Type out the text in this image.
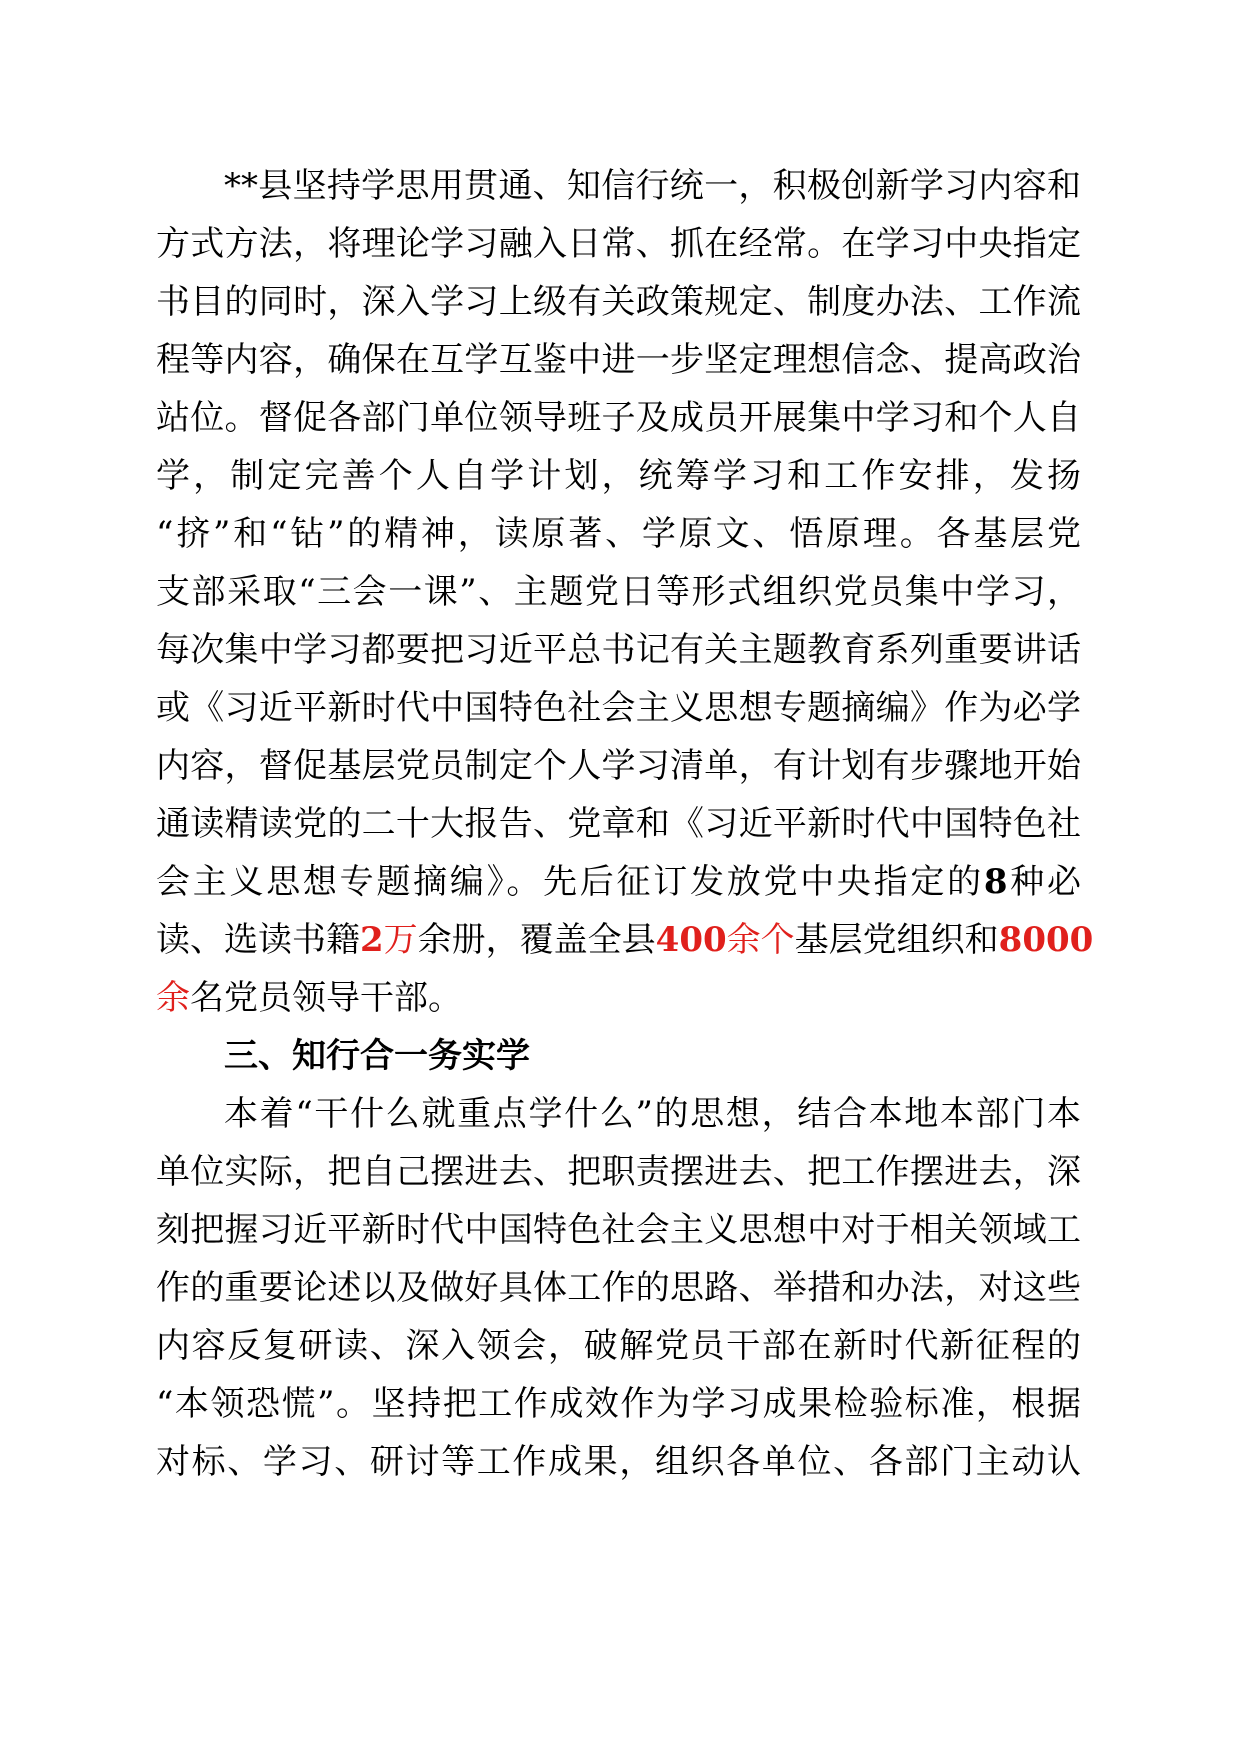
**县坚持学思用贯通、知信行统一，积极创新学习内容和
方式方法，将理论学习融入日常、抓在经常。在学习中央指定
书目的同时，深入学习上级有关政策规定、制度办法、工作流
程等内容，确保在互学互鉴中进一步坚定理想信念、提高政治
站位。督促各部门单位领导班子及成员开展集中学习和个人自
学，制定完善个人自学计划，统筹学习和工作安排，发扬
“挤”和“钻”的精神，读原著、学原文、悟原理。各基层党
支部采取“三会一课”、主题党日等形式组织党员集中学习，
每次集中学习都要把习近平总书记有关主题教育系列重要讲话
或《习近平新时代中国特色社会主义思想专题摘编》作为必学
内容，督促基层党员制定个人学习清单，有计划有步骤地开始
通读精读党的二十大报告、党章和《习近平新时代中国特色社
会主义思想专题摘编》。先后征订发放党中央指定的8种必
读、选读书籍2万余册，覆盖全县400余个基层党组织和8000
余名党员领导干部。
三、知行合一务实学
本着“干什么就重点学什么”的思想，结合本地本部门本
单位实际，把自己摆进去、把职责摆进去、把工作摆进去，深
刻把握习近平新时代中国特色社会主义思想中对于相关领域工
作的重要论述以及做好具体工作的思路、举措和办法，对这些
内容反复研读、深入领会，破解党员干部在新时代新征程的
“本领恐慌”。坚持把工作成效作为学习成果检验标准，根据
对标、学习、研讨等工作成果，组织各单位、各部门主动认
